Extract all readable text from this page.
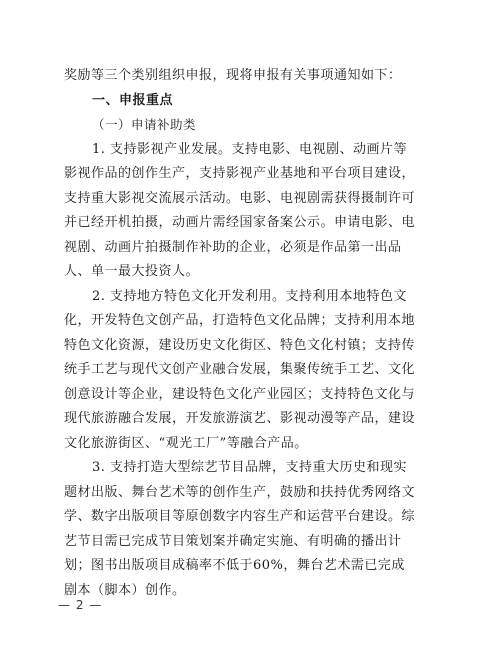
奖励等三个类别组织申报，现将申报有关事项通知如下：
一、申报重点
（一）申请补助类
1. 支持影视产业发展。支持电影、电视剧、动画片等
影视作品的创作生产，支持影视产业基地和平台项目建设，
支持重大影视交流展示活动。电影、电视剧需获得摄制许可
并已经开机拍摄，动画片需经国家备案公示。申请电影、电
视剧、动画片拍摄制作补助的企业，必须是作品第一出品
人、单一最大投资人。
2. 支持地方特色文化开发利用。支持利用本地特色文
化，开发特色文创产品，打造特色文化品牌；支持利用本地
特色文化资源，建设历史文化街区、特色文化村镇；支持传
统手工艺与现代文创产业融合发展，集聚传统手工艺、文化
创意设计等企业，建设特色文化产业园区；支持特色文化与
现代旅游融合发展，开发旅游演艺、影视动漫等产品，建设
文化旅游街区、“观光工厂”等融合产品。
3. 支持打造大型综艺节目品牌，支持重大历史和现实
题材出版、舞台艺术等的创作生产，鼓励和扶持优秀网络文
学、数字出版项目等原创数字内容生产和运营平台建设。综
艺节目需已完成节目策划案并确定实施、有明确的播出计
划；图书出版项目成稿率不低于60%，舞台艺术需已完成
剧本（脚本）创作。
— 2 —
